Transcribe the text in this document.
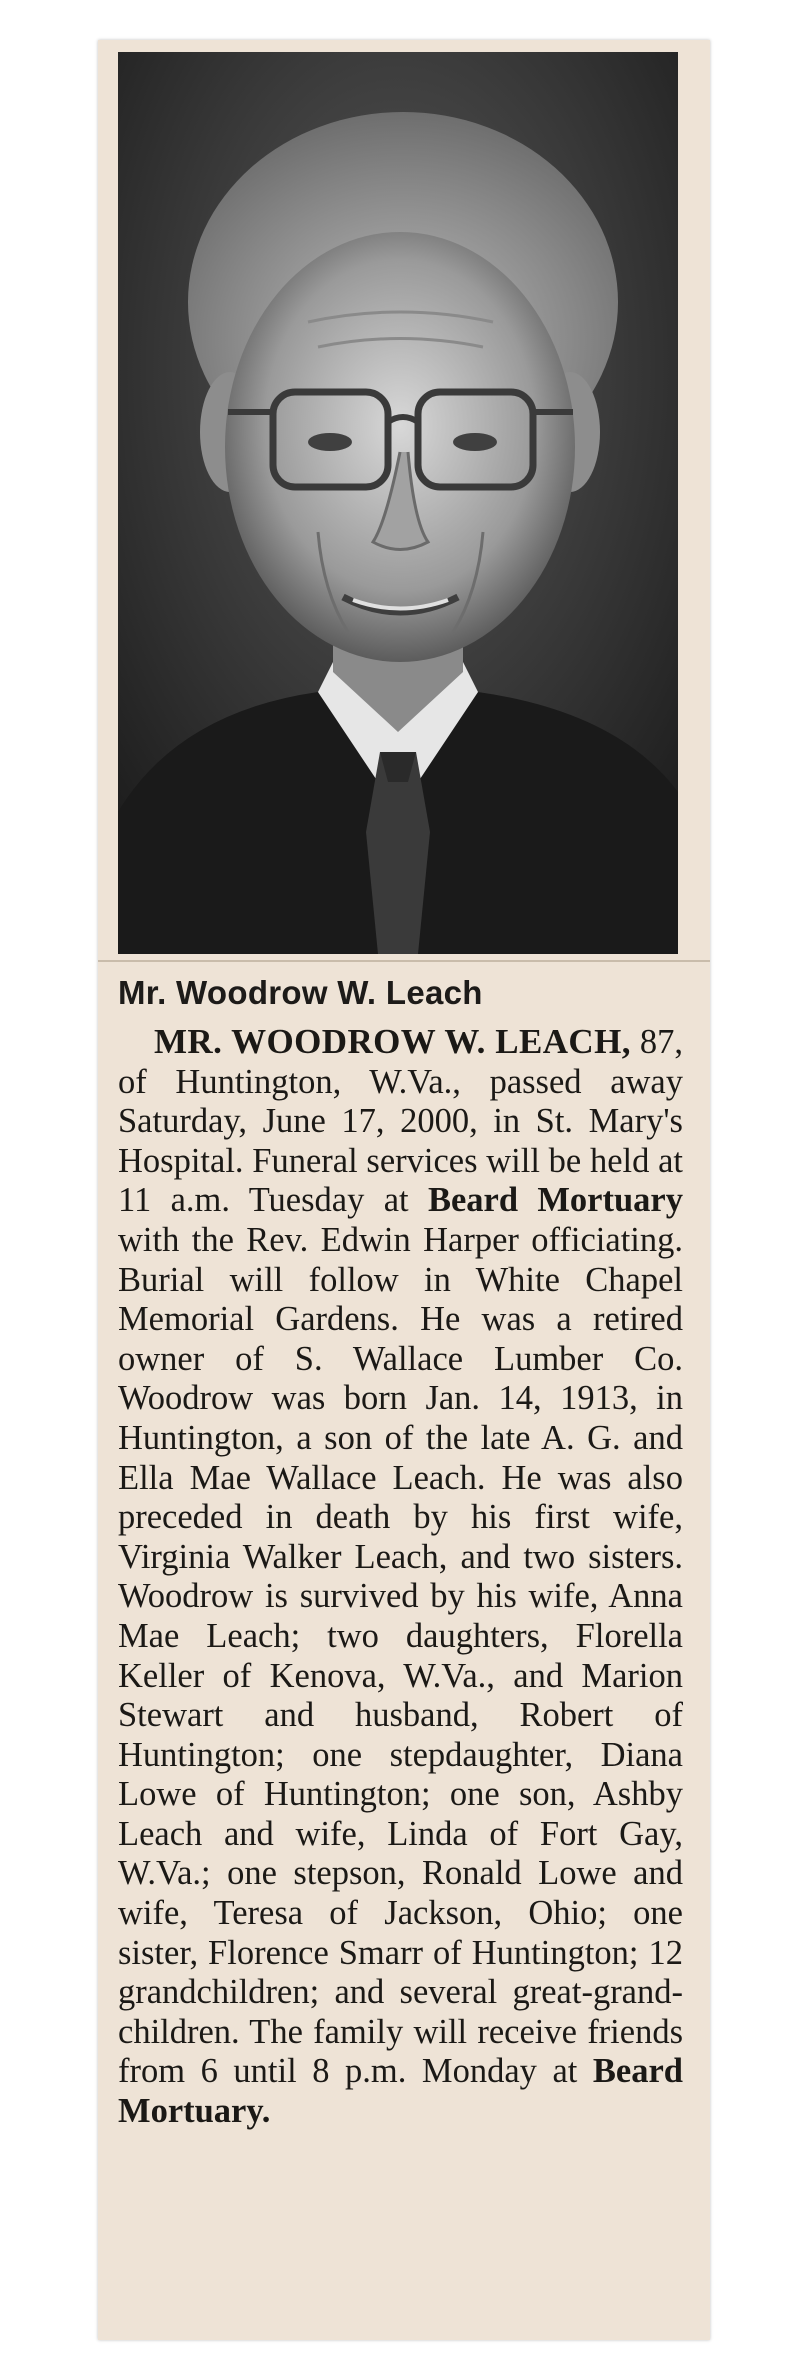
Mr. Woodrow W. Leach
MR. WOODROW W. LEACH, 87, of Huntington, W.Va., passed away Saturday, June 17, 2000, in St. Mary's Hospital. Funeral services will be held at 11 a.m. Tuesday at Beard Mortuary with the Rev. Edwin Harper officiating. Burial will follow in White Chapel Memorial Gardens. He was a retired owner of S. Wallace Lumber Co. Woodrow was born Jan. 14, 1913, in Huntington, a son of the late A. G. and Ella Mae Wallace Leach. He was also preceded in death by his first wife, Virginia Walker Leach, and two sisters. Woodrow is survived by his wife, Anna Mae Leach; two daughters, Florella Keller of Kenova, W.Va., and Marion Stewart and husband, Robert of Huntington; one stepdaughter, Diana Lowe of Huntington; one son, Ashby Leach and wife, Linda of Fort Gay, W.Va.; one stepson, Ronald Lowe and wife, Teresa of Jackson, Ohio; one sister, Florence Smarr of Huntington; 12 grandchildren; and several great-grandchildren. The family will receive friends from 6 until 8 p.m. Monday at Beard Mortuary.
